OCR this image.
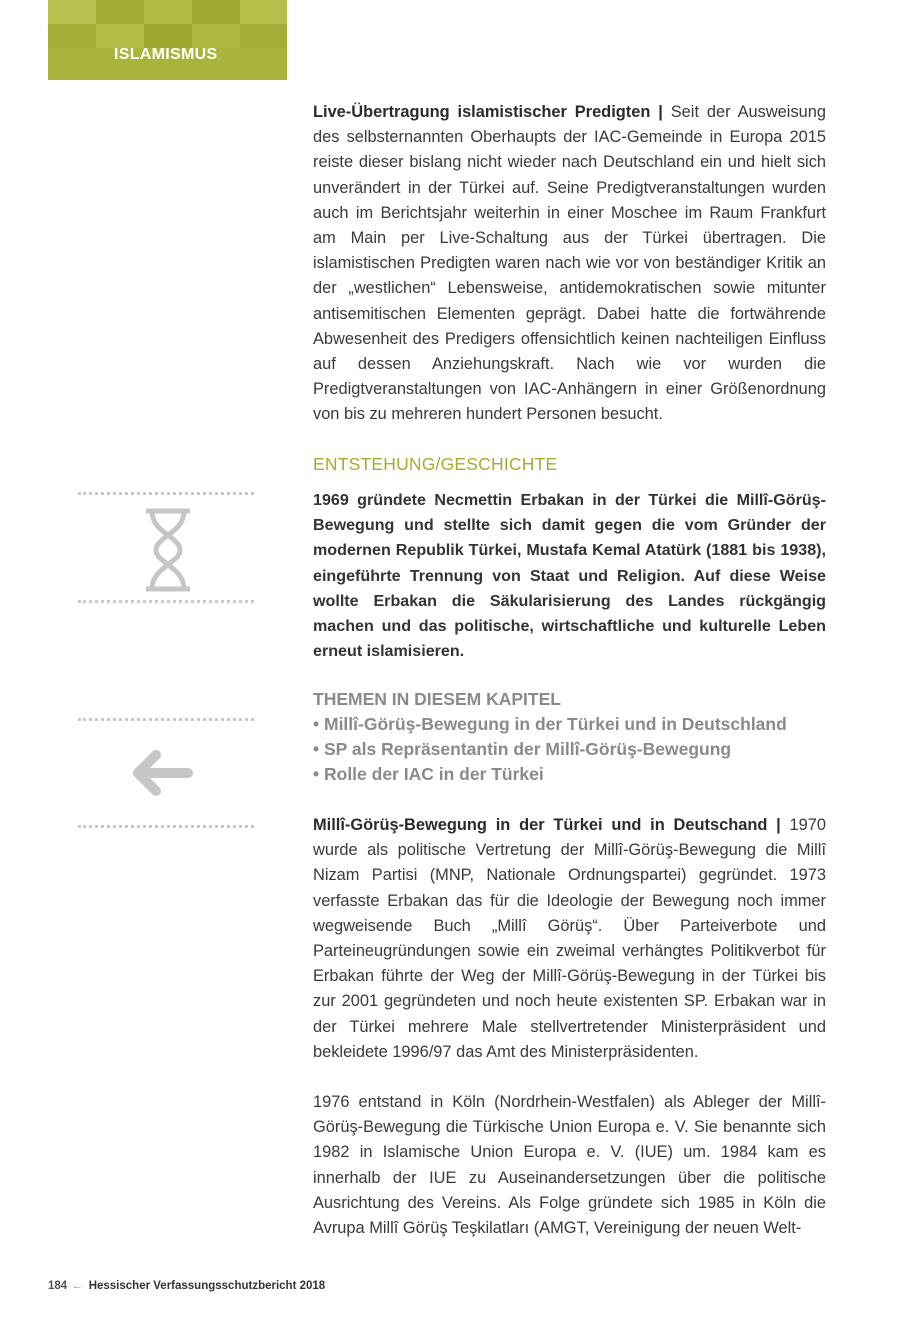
ISLAMISMUS

Live-Übertragung islamistischer Predigten | Seit der Ausweisung des selbsternannten Oberhaupts der IAC-Gemeinde in Europa 2015 reiste dieser bislang nicht wieder nach Deutschland ein und hielt sich unverändert in der Türkei auf. Seine Predigtveranstaltungen wurden auch im Berichtsjahr weiterhin in einer Moschee im Raum Frankfurt am Main per Live-Schaltung aus der Türkei übertragen. Die islamistischen Predigten waren nach wie vor von beständiger Kritik an der „westlichen“ Lebensweise, antidemokratischen sowie mitunter antisemitischen Elementen geprägt. Dabei hatte die fortwährende Abwesenheit des Predigers offensichtlich keinen nachteiligen Einfluss auf dessen Anziehungskraft. Nach wie vor wurden die Predigtveranstaltungen von IAC-Anhängern in einer Größenordnung von bis zu mehreren hundert Personen besucht.

ENTSTEHUNG/GESCHICHTE

1969 gründete Necmettin Erbakan in der Türkei die Millî-Görüş-Bewegung und stellte sich damit gegen die vom Gründer der modernen Republik Türkei, Mustafa Kemal Atatürk (1881 bis 1938), eingeführte Trennung von Staat und Religion. Auf diese Weise wollte Erbakan die Säkularisierung des Landes rückgängig machen und das politische, wirtschaftliche und kulturelle Leben erneut islamisieren.

THEMEN IN DIESEM KAPITEL
• Millî-Görüş-Bewegung in der Türkei und in Deutschland
• SP als Repräsentantin der Millî-Görüş-Bewegung
• Rolle der IAC in der Türkei

Millî-Görüş-Bewegung in der Türkei und in Deutschand | 1970 wurde als politische Vertretung der Millî-Görüş-Bewegung die Millî Nizam Partisi (MNP, Nationale Ordnungspartei) gegründet. 1973 verfasste Erbakan das für die Ideologie der Bewegung noch immer wegweisende Buch „Millî Görüş“. Über Parteiverbote und Parteineugründungen sowie ein zweimal verhängtes Politikverbot für Erbakan führte der Weg der Millî-Görüş-Bewegung in der Türkei bis zur 2001 gegründeten und noch heute existenten SP. Erbakan war in der Türkei mehrere Male stellvertretender Ministerpräsident und bekleidete 1996/97 das Amt des Ministerpräsidenten.

1976 entstand in Köln (Nordrhein-Westfalen) als Ableger der Millî-Görüş-Bewegung die Türkische Union Europa e. V. Sie benannte sich 1982 in Islamische Union Europa e. V. (IUE) um. 1984 kam es innerhalb der IUE zu Auseinandersetzungen über die politische Ausrichtung des Vereins. Als Folge gründete sich 1985 in Köln die Avrupa Millî Görüş Teşkilatları (AMGT, Vereinigung der neuen Welt-

184 ← Hessischer Verfassungsschutzbericht 2018
